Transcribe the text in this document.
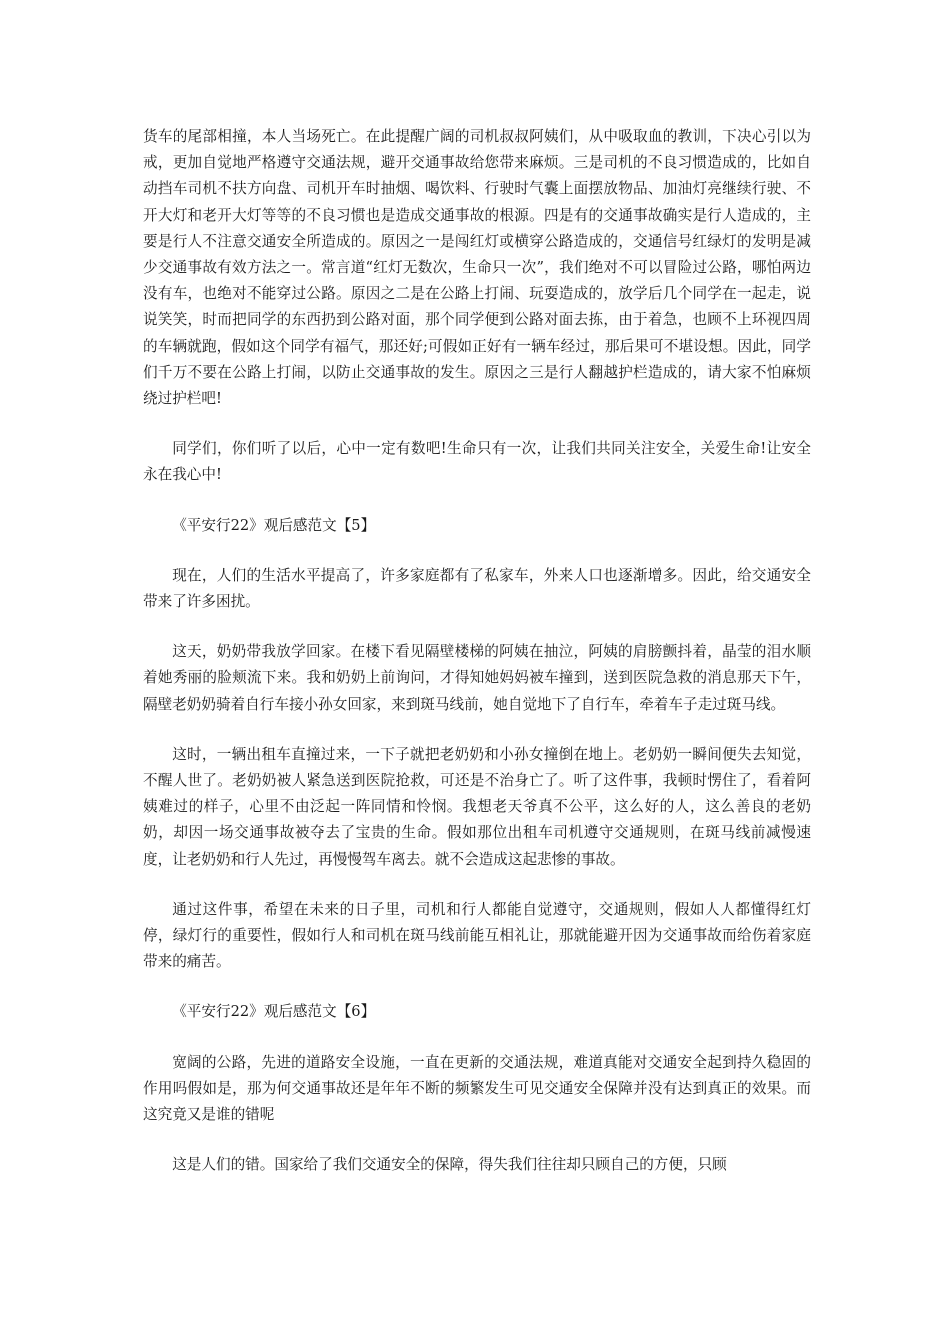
货车的尾部相撞，本人当场死亡。在此提醒广阔的司机叔叔阿姨们，从中吸取血的教训，下决心引以为戒，更加自觉地严格遵守交通法规，避开交通事故给您带来麻烦。三是司机的不良习惯造成的，比如自动挡车司机不扶方向盘、司机开车时抽烟、喝饮料、行驶时气囊上面摆放物品、加油灯亮继续行驶、不开大灯和老开大灯等等的不良习惯也是造成交通事故的根源。四是有的交通事故确实是行人造成的，主要是行人不注意交通安全所造成的。原因之一是闯红灯或横穿公路造成的，交通信号红绿灯的发明是减少交通事故有效方法之一。常言道“红灯无数次，生命只一次”，我们绝对不可以冒险过公路，哪怕两边没有车，也绝对不能穿过公路。原因之二是在公路上打闹、玩耍造成的，放学后几个同学在一起走，说说笑笑，时而把同学的东西扔到公路对面，那个同学便到公路对面去拣，由于着急，也顾不上环视四周的车辆就跑，假如这个同学有福气，那还好;可假如正好有一辆车经过，那后果可不堪设想。因此，同学们千万不要在公路上打闹，以防止交通事故的发生。原因之三是行人翻越护栏造成的，请大家不怕麻烦绕过护栏吧!

同学们，你们听了以后，心中一定有数吧!生命只有一次，让我们共同关注安全，关爱生命!让安全永在我心中!

《平安行22》观后感范文【5】

现在，人们的生活水平提高了，许多家庭都有了私家车，外来人口也逐渐增多。因此，给交通安全带来了许多困扰。

这天，奶奶带我放学回家。在楼下看见隔壁楼梯的阿姨在抽泣，阿姨的肩膀颤抖着，晶莹的泪水顺着她秀丽的脸颊流下来。我和奶奶上前询问，才得知她妈妈被车撞到，送到医院急救的消息那天下午，隔壁老奶奶骑着自行车接小孙女回家，来到斑马线前，她自觉地下了自行车，牵着车子走过斑马线。

这时，一辆出租车直撞过来，一下子就把老奶奶和小孙女撞倒在地上。老奶奶一瞬间便失去知觉，不醒人世了。老奶奶被人紧急送到医院抢救，可还是不治身亡了。听了这件事，我顿时愣住了，看着阿姨难过的样子，心里不由泛起一阵同情和怜悯。我想老天爷真不公平，这么好的人，这么善良的老奶奶，却因一场交通事故被夺去了宝贵的生命。假如那位出租车司机遵守交通规则，在斑马线前减慢速度，让老奶奶和行人先过，再慢慢驾车离去。就不会造成这起悲惨的事故。

通过这件事，希望在未来的日子里，司机和行人都能自觉遵守，交通规则，假如人人都懂得红灯停，绿灯行的重要性，假如行人和司机在斑马线前能互相礼让，那就能避开因为交通事故而给伤着家庭带来的痛苦。

《平安行22》观后感范文【6】

宽阔的公路，先进的道路安全设施，一直在更新的交通法规，难道真能对交通安全起到持久稳固的作用吗假如是，那为何交通事故还是年年不断的频繁发生可见交通安全保障并没有达到真正的效果。而这究竟又是谁的错呢

这是人们的错。国家给了我们交通安全的保障，得失我们往往却只顾自己的方便，只顾
